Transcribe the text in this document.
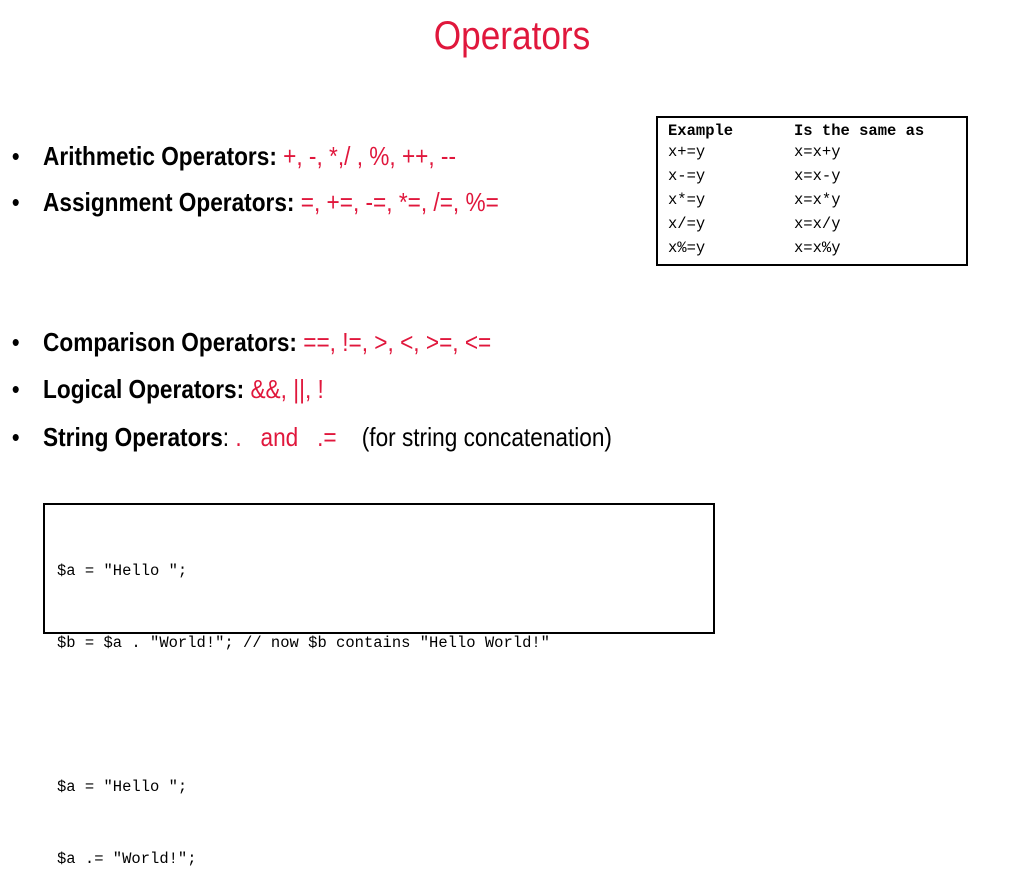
Operators
• Arithmetic Operators: +, -, *,/ , %, ++, --
• Assignment Operators: =, +=, -=, *=, /=, %=
• Comparison Operators: ==, !=, >, <, >=, <=
• Logical Operators: &&, ||, !
• String Operators: .   and   .= (for string concatenation)
Example	Is the same as
x+=y	x=x+y
x-=y	x=x-y
x*=y	x=x*y
x/=y	x=x/y
x%=y	x=x%y

$a = "Hello ";

$b = $a . "World!"; // now $b contains "Hello World!"

$a = "Hello ";

$a .= "World!";
